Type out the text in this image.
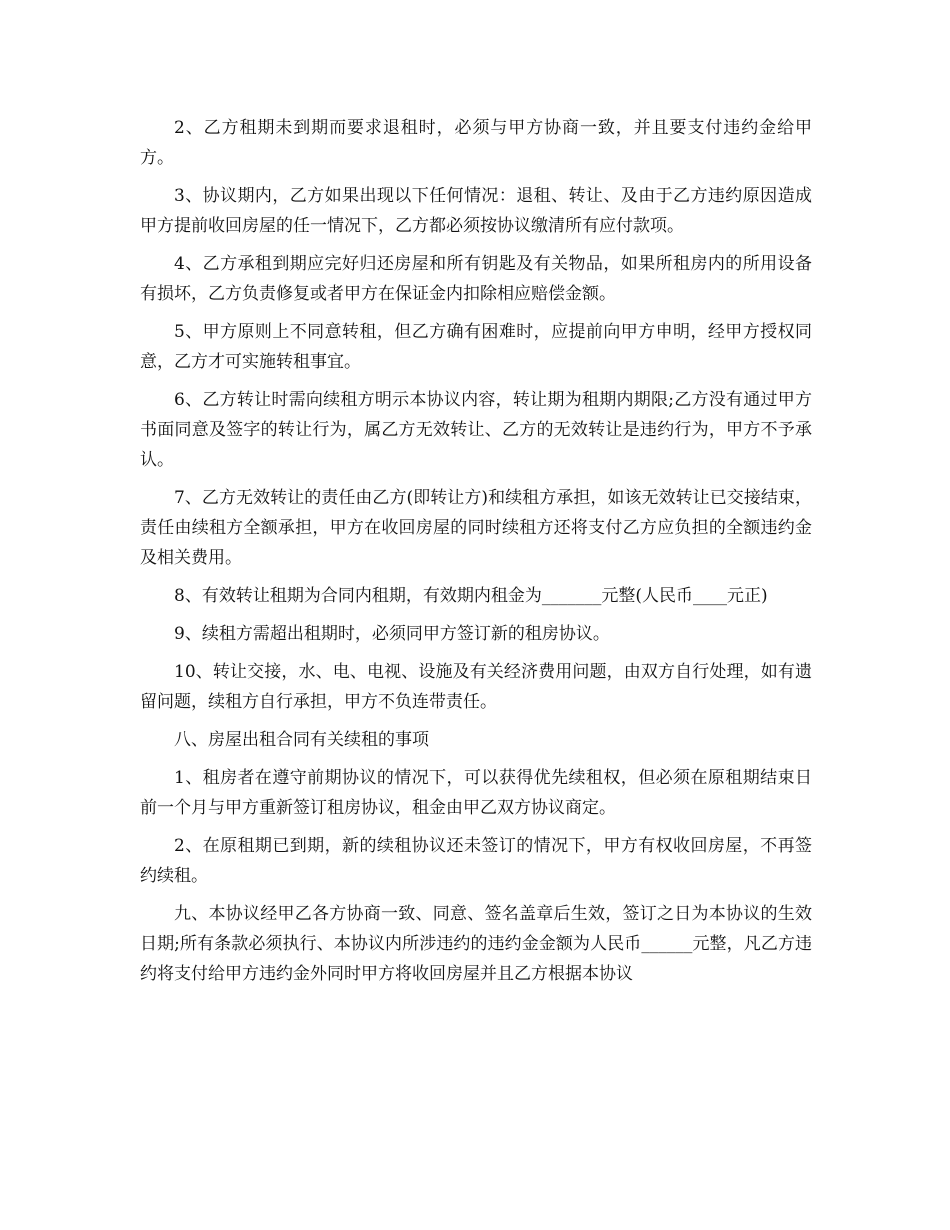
2、乙方租期未到期而要求退租时，必须与甲方协商一致，并且要支付违约金给甲方。

3、协议期内，乙方如果出现以下任何情况：退租、转让、及由于乙方违约原因造成甲方提前收回房屋的任一情况下，乙方都必须按协议缴清所有应付款项。

4、乙方承租到期应完好归还房屋和所有钥匙及有关物品，如果所租房内的所用设备有损坏，乙方负责修复或者甲方在保证金内扣除相应赔偿金额。

5、甲方原则上不同意转租，但乙方确有困难时，应提前向甲方申明，经甲方授权同意，乙方才可实施转租事宜。

6、乙方转让时需向续租方明示本协议内容，转让期为租期内期限;乙方没有通过甲方书面同意及签字的转让行为，属乙方无效转让、乙方的无效转让是违约行为，甲方不予承认。

7、乙方无效转让的责任由乙方(即转让方)和续租方承担，如该无效转让已交接结束，责任由续租方全额承担，甲方在收回房屋的同时续租方还将支付乙方应负担的全额违约金及相关费用。

8、有效转让租期为合同内租期，有效期内租金为_______元整(人民币____元正)

9、续租方需超出租期时，必须同甲方签订新的租房协议。

10、转让交接，水、电、电视、设施及有关经济费用问题，由双方自行处理，如有遗留问题，续租方自行承担，甲方不负连带责任。

八、房屋出租合同有关续租的事项

1、租房者在遵守前期协议的情况下，可以获得优先续租权，但必须在原租期结束日前一个月与甲方重新签订租房协议，租金由甲乙双方协议商定。

2、在原租期已到期，新的续租协议还未签订的情况下，甲方有权收回房屋，不再签约续租。

九、本协议经甲乙各方协商一致、同意、签名盖章后生效，签订之日为本协议的生效日期;所有条款必须执行、本协议内所涉违约的违约金金额为人民币______元整，凡乙方违约将支付给甲方违约金外同时甲方将收回房屋并且乙方根据本协议
